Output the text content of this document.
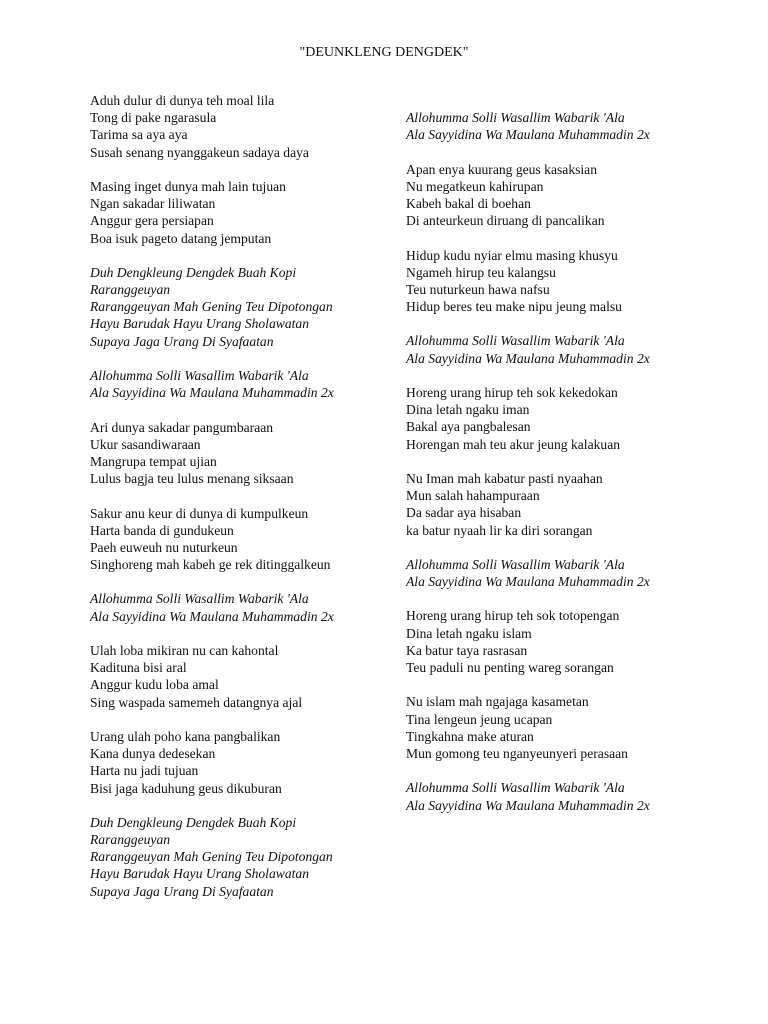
"DEUNKLENG DENGDEK"
Aduh dulur di dunya teh moal lila
Tong di pake ngarasula
Tarima sa aya aya
Susah senang nyanggakeun sadaya daya
Masing inget dunya mah lain tujuan
Ngan sakadar liliwatan
Anggur gera persiapan
Boa isuk pageto datang jemputan
Duh Dengkleung Dengdek Buah Kopi
Raranggeuyan
Raranggeuyan Mah Gening Teu Dipotongan
Hayu Barudak Hayu Urang Sholawatan
Supaya Jaga Urang Di Syafaatan
Allohumma Solli Wasallim Wabarik 'Ala
Ala Sayyidina Wa Maulana Muhammadin 2x
Ari dunya sakadar pangumbaraan
Ukur sasandiwaraan
Mangrupa tempat ujian
Lulus bagja teu lulus menang siksaan
Sakur anu keur di dunya di kumpulkeun
Harta banda di gundukeun
Paeh euweuh nu nuturkeun
Singhoreng mah kabeh ge rek ditinggalkeun
Allohumma Solli Wasallim Wabarik 'Ala
Ala Sayyidina Wa Maulana Muhammadin 2x
Ulah loba mikiran nu can kahontal
Kadituna bisi aral
Anggur kudu loba amal
Sing waspada samemeh datangnya ajal
Urang ulah poho kana pangbalikan
Kana dunya dedesekan
Harta nu jadi tujuan
Bisi jaga kaduhung geus dikuburan
Duh Dengkleung Dengdek Buah Kopi
Raranggeuyan
Raranggeuyan Mah Gening Teu Dipotongan
Hayu Barudak Hayu Urang Sholawatan
Supaya Jaga Urang Di Syafaatan
Allohumma Solli Wasallim Wabarik 'Ala
Ala Sayyidina Wa Maulana Muhammadin 2x
Apan enya kuurang geus kasaksian
Nu megatkeun kahirupan
Kabeh bakal di boehan
Di anteurkeun diruang di pancalikan
Hidup kudu nyiar elmu masing khusyu
Ngameh hirup teu kalangsu
Teu nuturkeun hawa nafsu
Hidup beres teu make nipu jeung malsu
Allohumma Solli Wasallim Wabarik 'Ala
Ala Sayyidina Wa Maulana Muhammadin 2x
Horeng urang hirup teh sok kekedokan
Dina letah ngaku iman
Bakal aya pangbalesan
Horengan mah teu akur jeung kalakuan
Nu Iman mah kabatur pasti nyaahan
Mun salah hahampuraan
Da sadar aya hisaban
ka batur nyaah lir ka diri sorangan
Allohumma Solli Wasallim Wabarik 'Ala
Ala Sayyidina Wa Maulana Muhammadin 2x
Horeng urang hirup teh sok totopengan
Dina letah ngaku islam
Ka batur taya rasrasan
Teu paduli nu penting wareg sorangan
Nu islam mah ngajaga kasametan
Tina lengeun jeung ucapan
Tingkahna make aturan
Mun gomong teu nganyeunyeri perasaan
Allohumma Solli Wasallim Wabarik 'Ala
Ala Sayyidina Wa Maulana Muhammadin 2x
